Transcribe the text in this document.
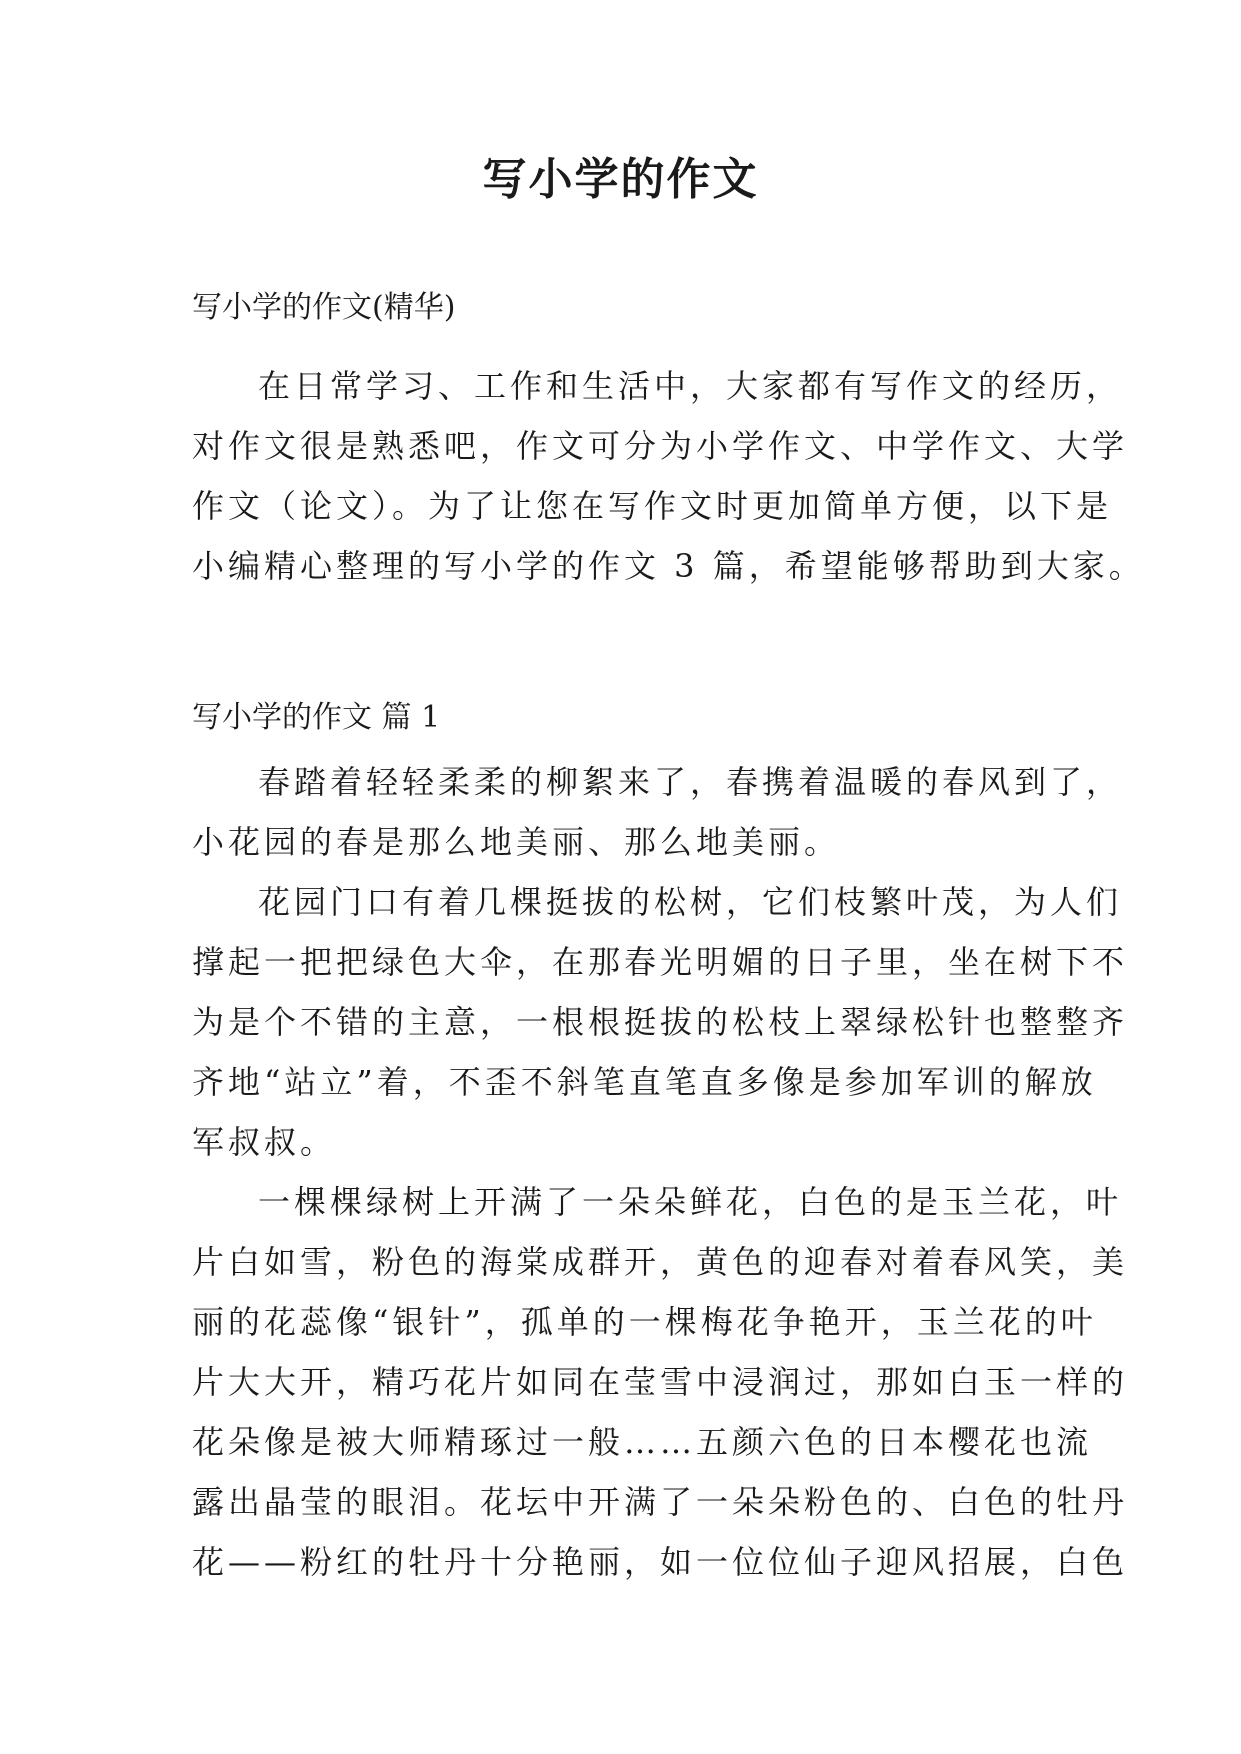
写小学的作文

写小学的作文(精华)

在日常学习、工作和生活中，大家都有写作文的经历，
对作文很是熟悉吧，作文可分为小学作文、中学作文、大学
作文（论文）。为了让您在写作文时更加简单方便，以下是
小编精心整理的写小学的作文 3 篇，希望能够帮助到大家。

写小学的作文 篇 1

春踏着轻轻柔柔的柳絮来了，春携着温暖的春风到了，
小花园的春是那么地美丽、那么地美丽。
花园门口有着几棵挺拔的松树，它们枝繁叶茂，为人们
撑起一把把绿色大伞，在那春光明媚的日子里，坐在树下不
为是个不错的主意，一根根挺拔的松枝上翠绿松针也整整齐
齐地“站立”着，不歪不斜笔直笔直多像是参加军训的解放
军叔叔。
一棵棵绿树上开满了一朵朵鲜花，白色的是玉兰花，叶
片白如雪，粉色的海棠成群开，黄色的迎春对着春风笑，美
丽的花蕊像“银针”，孤单的一棵梅花争艳开，玉兰花的叶
片大大开，精巧花片如同在莹雪中浸润过，那如白玉一样的
花朵像是被大师精琢过一般……五颜六色的日本樱花也流
露出晶莹的眼泪。花坛中开满了一朵朵粉色的、白色的牡丹
花——粉红的牡丹十分艳丽，如一位位仙子迎风招展，白色
